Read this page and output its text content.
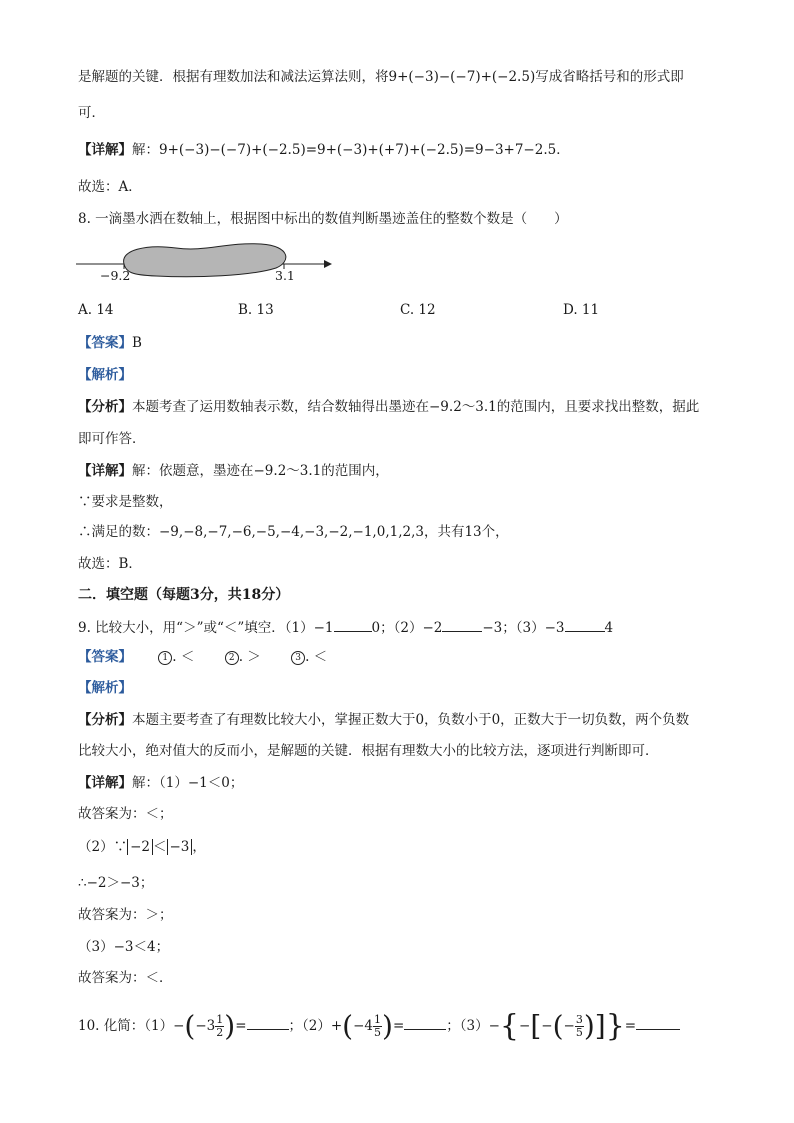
是解题的关键．根据有理数加法和减法运算法则，将9+(−3)−(−7)+(−2.5)写成省略括号和的形式即
可．
【详解】解：9+(−3)−(−7)+(−2.5)=9+(−3)+(+7)+(−2.5)=9−3+7−2.5．
故选：A．
8. 一滴墨水洒在数轴上，根据图中标出的数值判断墨迹盖住的整数个数是（　　）
−9.2	3.1
A. 14	B. 13	C. 12	D. 11
【答案】B
【解析】
【分析】本题考查了运用数轴表示数，结合数轴得出墨迹在−9.2～3.1的范围内，且要求找出整数，据此
即可作答．
【详解】解：依题意，墨迹在−9.2～3.1的范围内，
∵要求是整数，
∴满足的数：−9,−8,−7,−6,−5,−4,−3,−2,−1,0,1,2,3，共有13个，
故选：B．
二．填空题（每题3分，共18分）
9. 比较大小，用“＞”或“＜”填空．（1）−1	0；（2）−2	−3；（3）−3	4
【答案】	1 . ＜	2 . ＞	3 . ＜
【解析】
【分析】本题主要考查了有理数比较大小，掌握正数大于0，负数小于0，正数大于一切负数，两个负数
比较大小，绝对值大的反而小，是解题的关键．根据有理数大小的比较方法，逐项进行判断即可．
【详解】解：（1）−1＜0；
故答案为：＜；
（2）∵ −2 ＜ −3 ，
∴−2＞−3；
故答案为：＞；
（3）−3＜4；
故答案为：＜．
10. 化简：$(1)-(-3 \frac{1}{2}$ )=	；$(2)+(-4 \frac{1}{5}$ )=	；$(3)-\{-[-(- \frac{3}{5}$ )]}=
